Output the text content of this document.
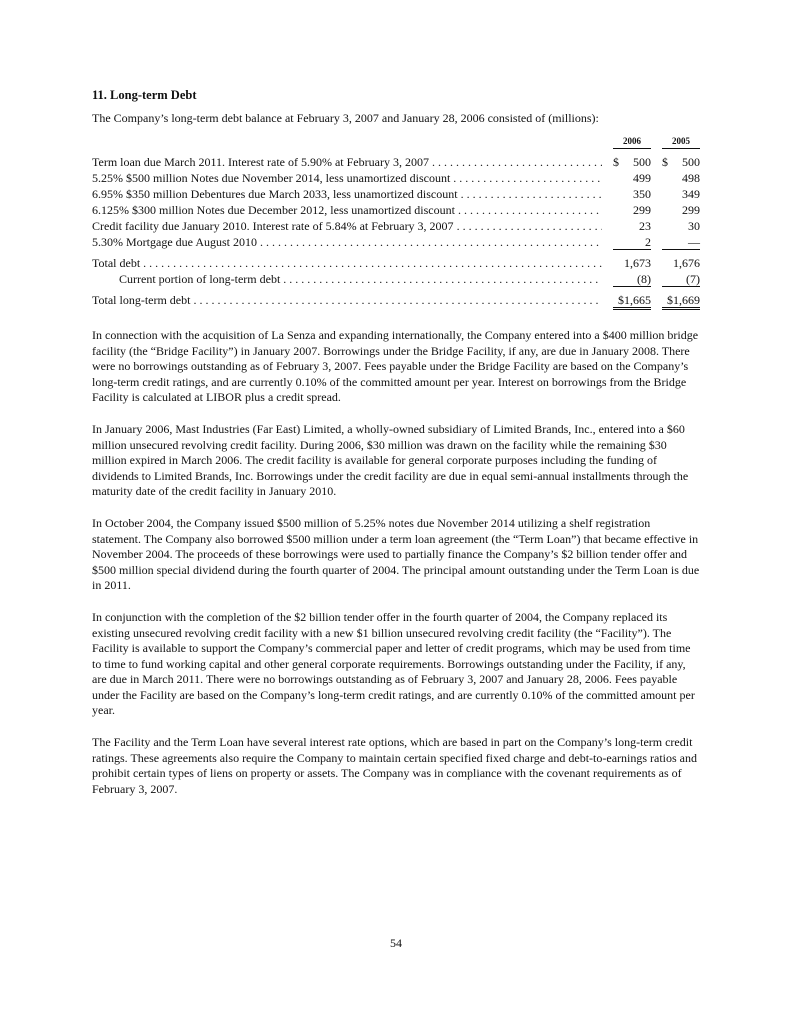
11. Long-term Debt

The Company’s long-term debt balance at February 3, 2007 and January 28, 2006 consisted of (millions):

2006	2005
Term loan due March 2011. Interest rate of 5.90% at February 3, 2007 . . .	$ 500 $ 500
5.25% $500 million Notes due November 2014, less unamortized discount . . .	499	498
6.95% $350 million Debentures due March 2033, less unamortized discount . . .	350	349
6.125% $300 million Notes due December 2012, less unamortized discount . . .	299	299
Credit facility due January 2010. Interest rate of 5.84% at February 3, 2007 . . .	23	30
5.30% Mortgage due August 2010 . . .	2	—
Total debt . . .	1,673	1,676
Current portion of long-term debt . . .	(8)	(7)
Total long-term debt . . .	$1,665	$1,669

In connection with the acquisition of La Senza and expanding internationally, the Company entered into a $400 million bridge facility (the “Bridge Facility”) in January 2007. Borrowings under the Bridge Facility, if any, are due in January 2008. There were no borrowings outstanding as of February 3, 2007. Fees payable under the Bridge Facility are based on the Company’s long-term credit ratings, and are currently 0.10% of the committed amount per year. Interest on borrowings from the Bridge Facility is calculated at LIBOR plus a credit spread.

In January 2006, Mast Industries (Far East) Limited, a wholly-owned subsidiary of Limited Brands, Inc., entered into a $60 million unsecured revolving credit facility. During 2006, $30 million was drawn on the facility while the remaining $30 million expired in March 2006. The credit facility is available for general corporate purposes including the funding of dividends to Limited Brands, Inc. Borrowings under the credit facility are due in equal semi-annual installments through the maturity date of the credit facility in January 2010.

In October 2004, the Company issued $500 million of 5.25% notes due November 2014 utilizing a shelf registration statement. The Company also borrowed $500 million under a term loan agreement (the “Term Loan”) that became effective in November 2004. The proceeds of these borrowings were used to partially finance the Company’s $2 billion tender offer and $500 million special dividend during the fourth quarter of 2004. The principal amount outstanding under the Term Loan is due in 2011.

In conjunction with the completion of the $2 billion tender offer in the fourth quarter of 2004, the Company replaced its existing unsecured revolving credit facility with a new $1 billion unsecured revolving credit facility (the “Facility”). The Facility is available to support the Company’s commercial paper and letter of credit programs, which may be used from time to time to fund working capital and other general corporate requirements. Borrowings outstanding under the Facility, if any, are due in March 2011. There were no borrowings outstanding as of February 3, 2007 and January 28, 2006. Fees payable under the Facility are based on the Company’s long-term credit ratings, and are currently 0.10% of the committed amount per year.

The Facility and the Term Loan have several interest rate options, which are based in part on the Company’s long-term credit ratings. These agreements also require the Company to maintain certain specified fixed charge and debt-to-earnings ratios and prohibit certain types of liens on property or assets. The Company was in compliance with the covenant requirements as of February 3, 2007.

54
